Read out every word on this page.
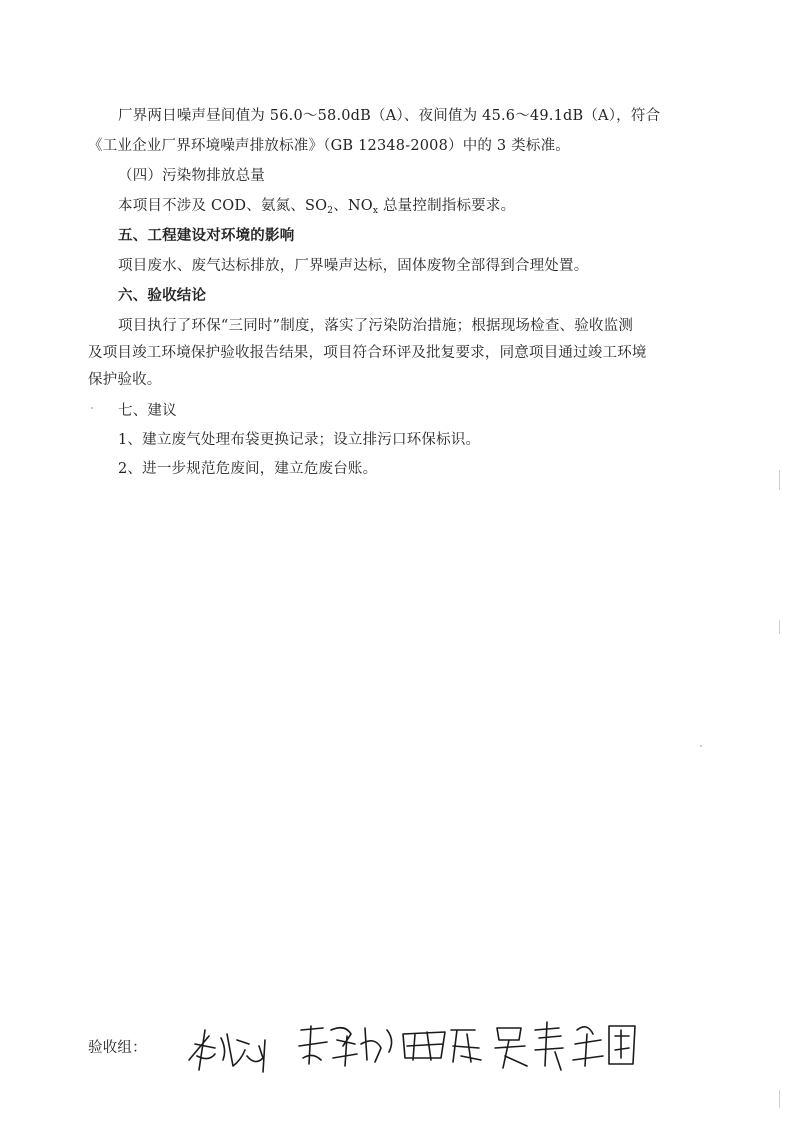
厂界两日噪声昼间值为 56.0～58.0dB（A）、夜间值为 45.6～49.1dB（A），符合
《工业企业厂界环境噪声排放标准》（GB 12348-2008）中的 3 类标准。
（四）污染物排放总量
本项目不涉及 COD、氨氮、$SO_2$、$NO_x$ 总量控制指标要求。
五、工程建设对环境的影响
项目废水、废气达标排放，厂界噪声达标，固体废物全部得到合理处置。
六、验收结论
项目执行了环保“三同时”制度，落实了污染防治措施；根据现场检查、验收监测
及项目竣工环境保护验收报告结果，项目符合环评及批复要求，同意项目通过竣工环境
保护验收。
七、建议
1、建立废气处理布袋更换记录；设立排污口环保标识。
2、进一步规范危废间，建立危废台账。
验收组：
